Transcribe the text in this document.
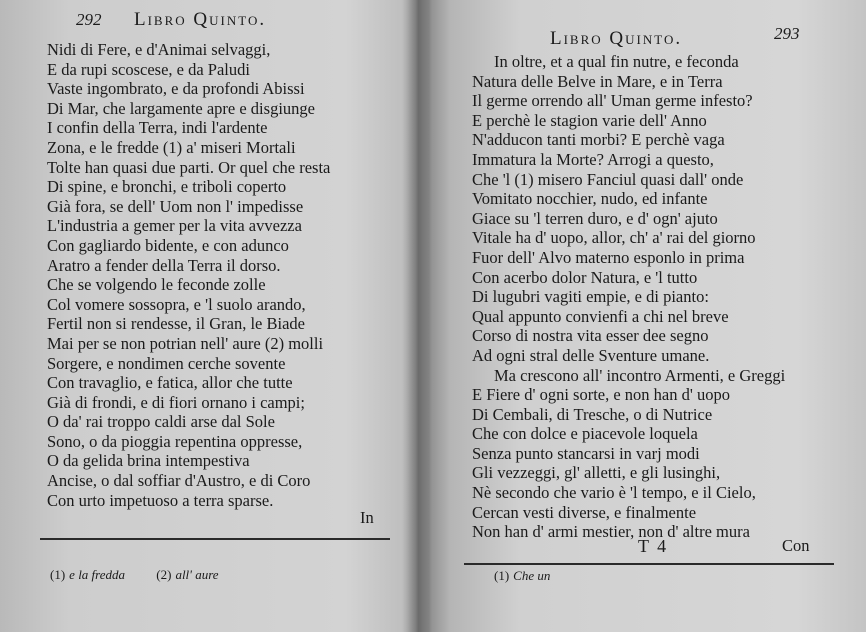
292 Libro Quinto.
Nidi di Fere, e d'Animai selvaggi,
E da rupi scoscese, e da Paludi
Vaste ingombrato, e da profondi Abissi
Di Mar, che largamente apre e disgiunge
I confin della Terra, indi l'ardente
Zona, e le fredde (1) a' miseri Mortali
Tolte han quasi due parti. Or quel che resta
Di spine, e bronchi, e triboli coperto
Già fora, se dell' Uom non l' impedisse
L'industria a gemer per la vita avvezza
Con gagliardo bidente, e con adunco
Aratro a fender della Terra il dorso.
Che se volgendo le feconde zolle
Col vomere sossopra, e 'l suolo arando,
Fertil non si rendesse, il Gran, le Biade
Mai per se non potrian nell' aure (2) molli
Sorgere, e nondimen cerche sovente
Con travaglio, e fatica, allor che tutte
Già di frondi, e di fiori ornano i campi;
O da' rai troppo caldi arse dal Sole
Sono, o da pioggia repentina oppresse,
O da gelida brina intempestiva
Ancise, o dal soffiar d'Austro, e di Coro
Con urto impetuoso a terra sparse.
In
(1) e la fredda (2) all' aure
Libro Quinto.	293
In oltre, et a qual fin nutre, e feconda
Natura delle Belve in Mare, e in Terra
Il germe orrendo all' Uman germe infesto?
E perchè le stagion varie dell' Anno
N'adducon tanti morbi? E perchè vaga
Immatura la Morte? Arrogi a questo,
Che 'l (1) misero Fanciul quasi dall' onde
Vomitato nocchier, nudo, ed infante
Giace su 'l terren duro, e d' ogn' ajuto
Vitale ha d' uopo, allor, ch' a' rai del giorno
Fuor dell' Alvo materno esponlo in prima
Con acerbo dolor Natura, e 'l tutto
Di lugubri vagiti empie, e di pianto:
Qual appunto convienfi a chi nel breve
Corso di nostra vita esser dee segno
Ad ogni stral delle Sventure umane.
Ma crescono all' incontro Armenti, e Greggi
E Fiere d' ogni sorte, e non han d' uopo
Di Cembali, di Tresche, o di Nutrice
Che con dolce e piacevole loquela
Senza punto stancarsi in varj modi
Gli vezzeggi, gl' alletti, e gli lusinghi,
Nè secondo che vario è 'l tempo, e il Cielo,
Cercan vesti diverse, e finalmente
Non han d' armi mestier, non d' altre mura
T 4	Con
(1) Che un
